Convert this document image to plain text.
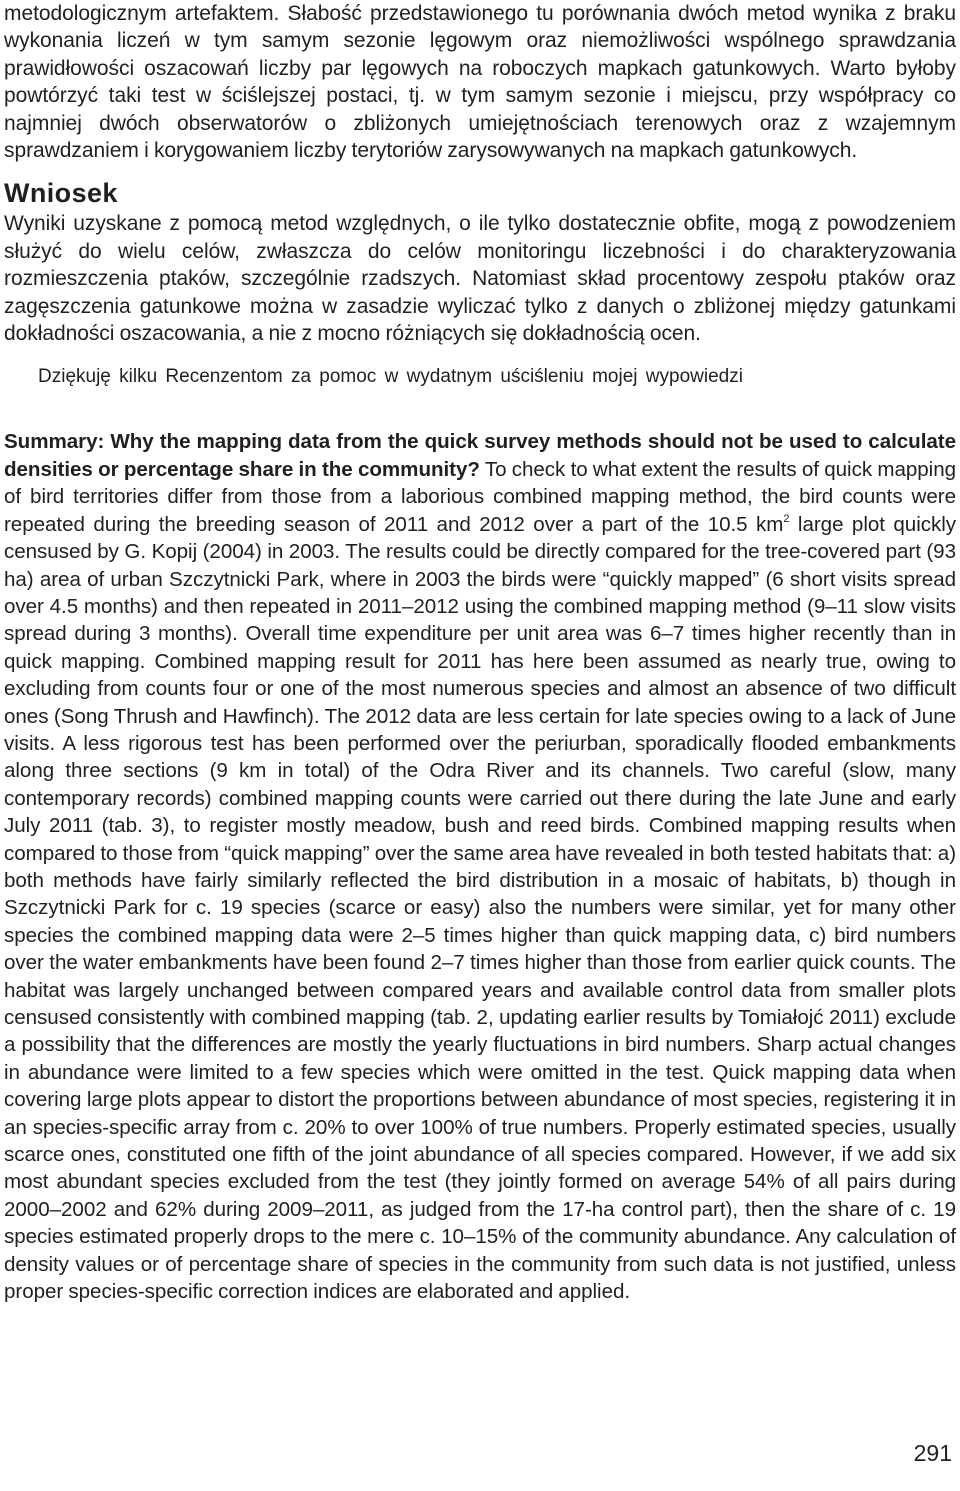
metodologicznym artefaktem. Słabość przedstawionego tu porównania dwóch metod wynika z braku wykonania liczeń w tym samym sezonie lęgowym oraz niemożliwości wspólnego sprawdzania prawidłowości oszacowań liczby par lęgowych na roboczych mapkach gatunkowych. Warto byłoby powtórzyć taki test w ściślejszej postaci, tj. w tym samym sezonie i miejscu, przy współpracy co najmniej dwóch obserwatorów o zbliżonych umiejętnościach terenowych oraz z wzajemnym sprawdzaniem i korygowaniem liczby terytoriów zarysowywanych na mapkach gatunkowych.

Wniosek

Wyniki uzyskane z pomocą metod względnych, o ile tylko dostatecznie obfite, mogą z powodzeniem służyć do wielu celów, zwłaszcza do celów monitoringu liczebności i do charakteryzowania rozmieszczenia ptaków, szczególnie rzadszych. Natomiast skład procentowy zespołu ptaków oraz zagęszczenia gatunkowe można w zasadzie wyliczać tylko z danych o zbliżonej między gatunkami dokładności oszacowania, a nie z mocno różniących się dokładnością ocen.

Dziękuję kilku Recenzentom za pomoc w wydatnym uściśleniu mojej wypowiedzi

Summary: Why the mapping data from the quick survey methods should not be used to calculate densities or percentage share in the community? To check to what extent the results of quick mapping of bird territories differ from those from a laborious combined mapping method, the bird counts were repeated during the breeding season of 2011 and 2012 over a part of the 10.5 $km^2$ large plot quickly censused by G. Kopij (2004) in 2003. The results could be directly compared for the tree-covered part (93 ha) area of urban Szczytnicki Park, where in 2003 the birds were “quickly mapped” (6 short visits spread over 4.5 months) and then repeated in 2011–2012 using the combined mapping method (9–11 slow visits spread during 3 months). Overall time expenditure per unit area was 6–7 times higher recently than in quick mapping. Combined mapping result for 2011 has here been assumed as nearly true, owing to excluding from counts four or one of the most numerous species and almost an absence of two difficult ones (Song Thrush and Hawfinch). The 2012 data are less certain for late species owing to a lack of June visits. A less rigorous test has been performed over the periurban, sporadically flooded embankments along three sections (9 km in total) of the Odra River and its channels. Two careful (slow, many contemporary records) combined mapping counts were carried out there during the late June and early July 2011 (tab. 3), to register mostly meadow, bush and reed birds. Combined mapping results when compared to those from “quick mapping” over the same area have revealed in both tested habitats that: a) both methods have fairly similarly reflected the bird distribution in a mosaic of habitats, b) though in Szczytnicki Park for c. 19 species (scarce or easy) also the numbers were similar, yet for many other species the combined mapping data were 2–5 times higher than quick mapping data, c) bird numbers over the water embankments have been found 2–7 times higher than those from earlier quick counts. The habitat was largely unchanged between compared years and available control data from smaller plots censused consistently with combined mapping (tab. 2, updating earlier results by Tomiałojć 2011) exclude a possibility that the differences are mostly the yearly fluctuations in bird numbers. Sharp actual changes in abundance were limited to a few species which were omitted in the test. Quick mapping data when covering large plots appear to distort the proportions between abundance of most species, registering it in an species-specific array from c. 20% to over 100% of true numbers. Properly estimated species, usually scarce ones, constituted one fifth of the joint abundance of all species compared. However, if we add six most abundant species excluded from the test (they jointly formed on average 54% of all pairs during 2000–2002 and 62% during 2009–2011, as judged from the 17-ha control part), then the share of c. 19 species estimated properly drops to the mere c. 10–15% of the community abundance. Any calculation of density values or of percentage share of species in the community from such data is not justified, unless proper species-specific correction indices are elaborated and applied.

291
